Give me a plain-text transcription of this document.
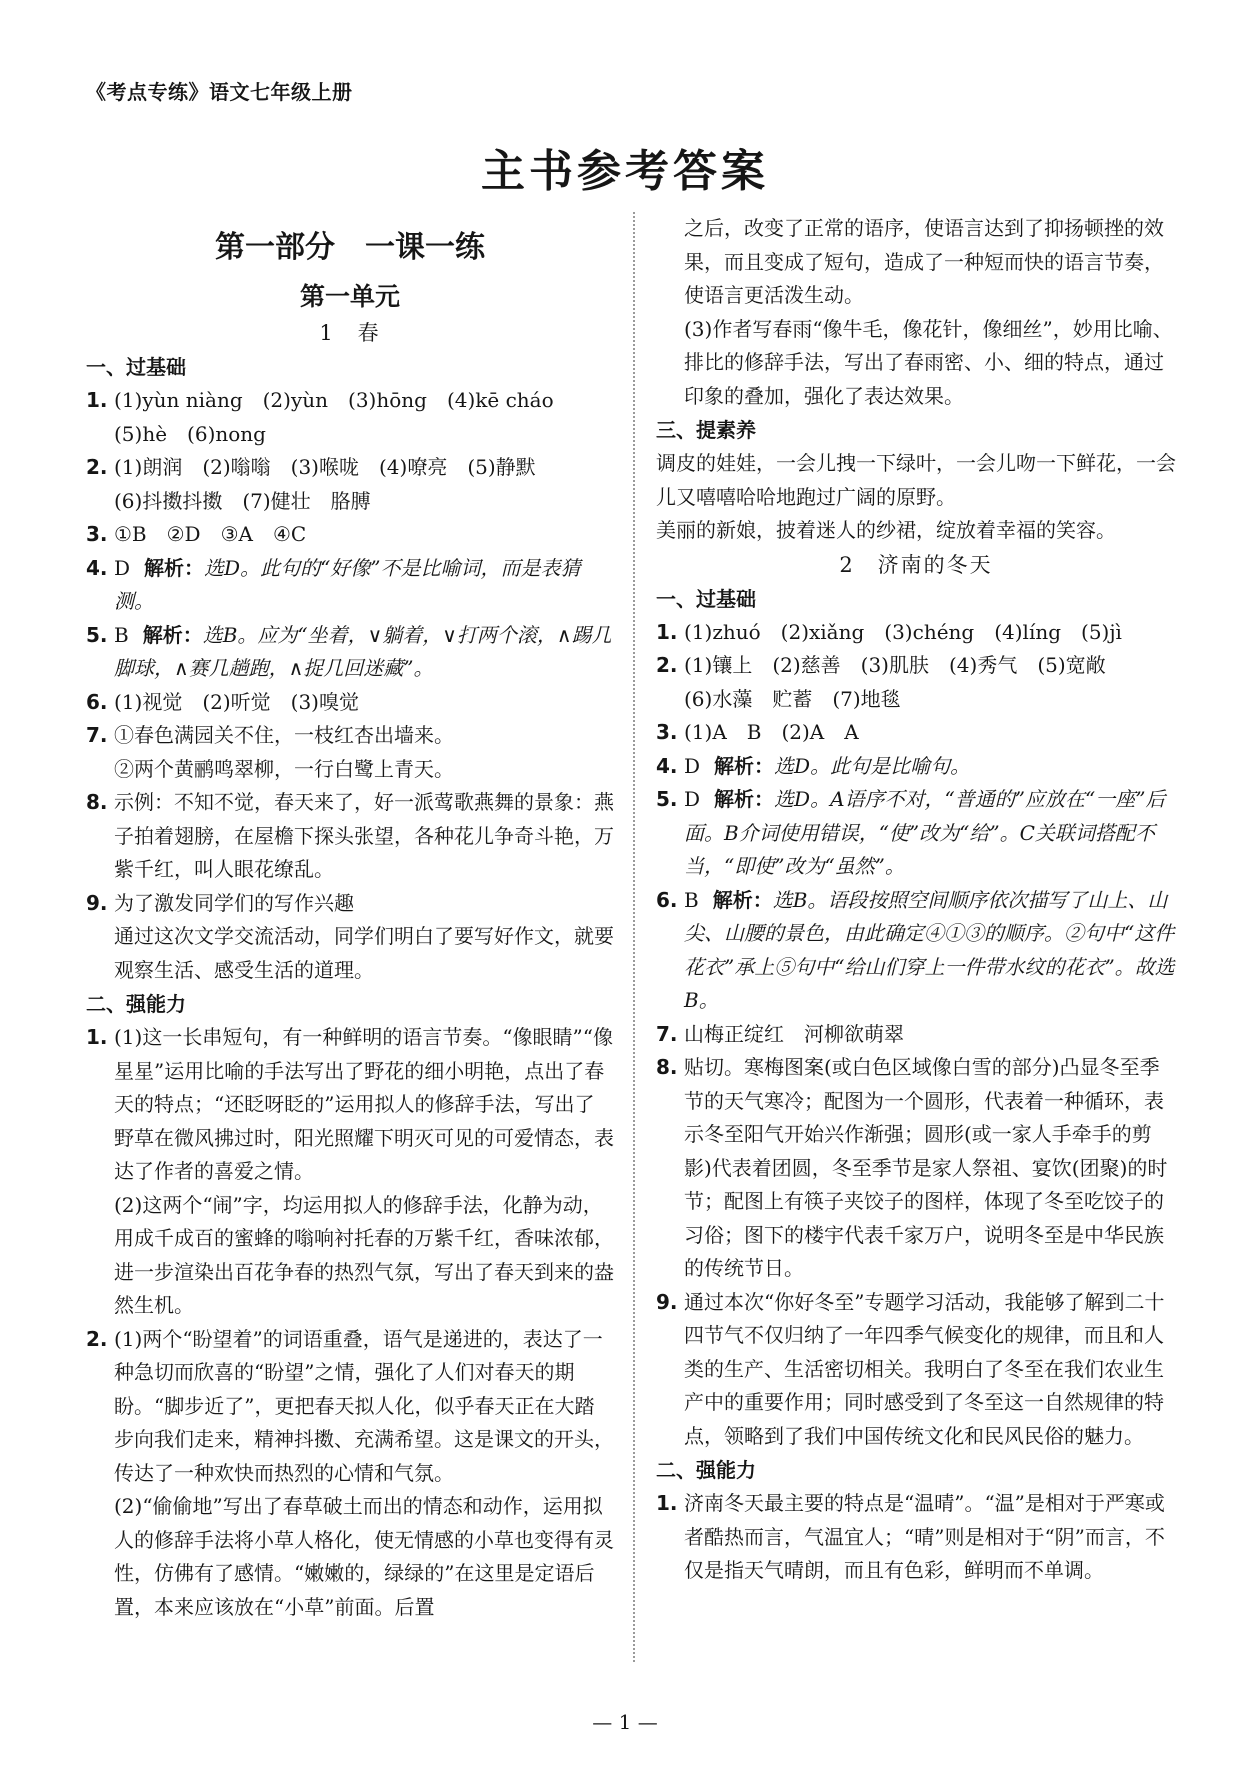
《考点专练》语文七年级上册
主书参考答案
第一部分　一课一练
第一单元
1　春
一、过基础
1. (1)yùn niàng　(2)yùn　(3)hōng　(4)kē cháo
(5)hè　(6)nong
2. (1)朗润　(2)嗡嗡　(3)喉咙　(4)嘹亮　(5)静默
(6)抖擞抖擞　(7)健壮　胳膊
3. ①B　②D　③A　④C
4. D 解析：选D。此句的“好像”不是比喻词，而是表猜测。
5. B 解析：选B。应为“坐着，∨躺着，∨打两个滚，∧踢几脚球，∧赛几趟跑，∧捉几回迷藏”。
6. (1)视觉　(2)听觉　(3)嗅觉
7. ①春色满园关不住，一枝红杏出墙来。
②两个黄鹂鸣翠柳，一行白鹭上青天。
8. 示例：不知不觉，春天来了，好一派莺歌燕舞的景象：燕子拍着翅膀，在屋檐下探头张望，各种花儿争奇斗艳，万紫千红，叫人眼花缭乱。
9. 为了激发同学们的写作兴趣
通过这次文学交流活动，同学们明白了要写好作文，就要观察生活、感受生活的道理。
二、强能力
1. (1)这一长串短句，有一种鲜明的语言节奏。“像眼睛”“像星星”运用比喻的手法写出了野花的细小明艳，点出了春天的特点；“还眨呀眨的”运用拟人的修辞手法，写出了野草在微风拂过时，阳光照耀下明灭可见的可爱情态，表达了作者的喜爱之情。
(2)这两个“闹”字，均运用拟人的修辞手法，化静为动，用成千成百的蜜蜂的嗡响衬托春的万紫千红，香味浓郁，进一步渲染出百花争春的热烈气氛，写出了春天到来的盎然生机。
2. (1)两个“盼望着”的词语重叠，语气是递进的，表达了一种急切而欣喜的“盼望”之情，强化了人们对春天的期盼。“脚步近了”，更把春天拟人化，似乎春天正在大踏步向我们走来，精神抖擞、充满希望。这是课文的开头，传达了一种欢快而热烈的心情和气氛。
(2)“偷偷地”写出了春草破土而出的情态和动作，运用拟人的修辞手法将小草人格化，使无情感的小草也变得有灵性，仿佛有了感情。“嫩嫩的，绿绿的”在这里是定语后置，本来应该放在“小草”前面。后置
之后，改变了正常的语序，使语言达到了抑扬顿挫的效果，而且变成了短句，造成了一种短而快的语言节奏，使语言更活泼生动。
(3)作者写春雨“像牛毛，像花针，像细丝”，妙用比喻、排比的修辞手法，写出了春雨密、小、细的特点，通过印象的叠加，强化了表达效果。
三、提素养
调皮的娃娃，一会儿拽一下绿叶，一会儿吻一下鲜花，一会儿又嘻嘻哈哈地跑过广阔的原野。
美丽的新娘，披着迷人的纱裙，绽放着幸福的笑容。
2　济南的冬天
一、过基础
1. (1)zhuó　(2)xiǎng　(3)chéng　(4)líng　(5)jì
2. (1)镶上　(2)慈善　(3)肌肤　(4)秀气　(5)宽敞
(6)水藻　贮蓄　(7)地毯
3. (1)A　B　(2)A　A
4. D 解析：选D。此句是比喻句。
5. D 解析：选D。A语序不对，“普通的”应放在“一座”后面。B介词使用错误，“使”改为“给”。C关联词搭配不当，“即使”改为“虽然”。
6. B 解析：选B。语段按照空间顺序依次描写了山上、山尖、山腰的景色，由此确定④①③的顺序。②句中“这件花衣”承上⑤句中“给山们穿上一件带水纹的花衣”。故选B。
7. 山梅正绽红　河柳欲萌翠
8. 贴切。寒梅图案(或白色区域像白雪的部分)凸显冬至季节的天气寒冷；配图为一个圆形，代表着一种循环，表示冬至阳气开始兴作渐强；圆形(或一家人手牵手的剪影)代表着团圆，冬至季节是家人祭祖、宴饮(团聚)的时节；配图上有筷子夹饺子的图样，体现了冬至吃饺子的习俗；图下的楼宇代表千家万户，说明冬至是中华民族的传统节日。
9. 通过本次“你好冬至”专题学习活动，我能够了解到二十四节气不仅归纳了一年四季气候变化的规律，而且和人类的生产、生活密切相关。我明白了冬至在我们农业生产中的重要作用；同时感受到了冬至这一自然规律的特点，领略到了我们中国传统文化和民风民俗的魅力。
二、强能力
1. 济南冬天最主要的特点是“温晴”。“温”是相对于严寒或者酷热而言，气温宜人；“晴”则是相对于“阴”而言，不仅是指天气晴朗，而且有色彩，鲜明而不单调。
— 1 —
